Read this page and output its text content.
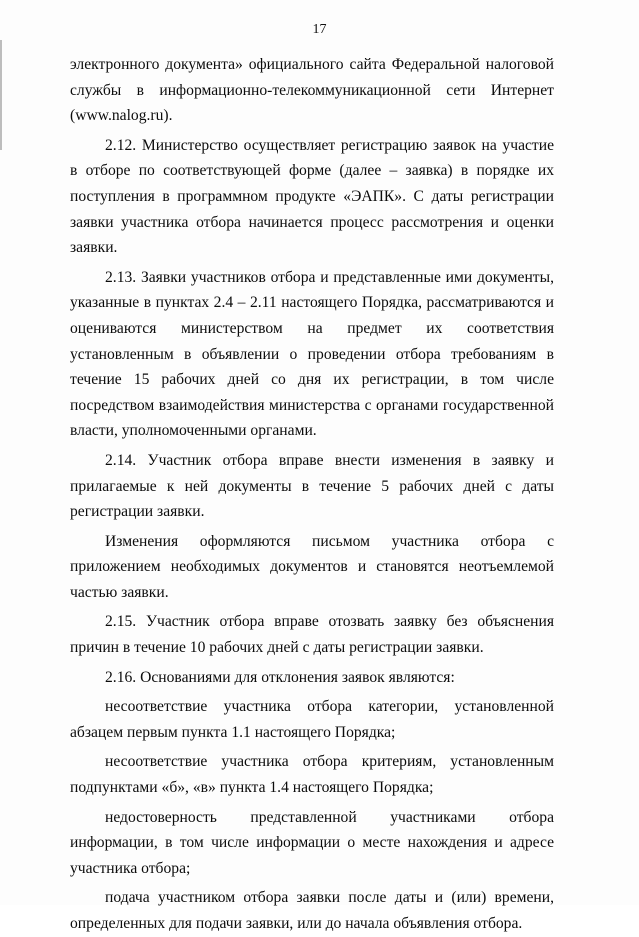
17

электронного документа» официального сайта Федеральной налоговой службы в информационно-телекоммуникационной сети Интернет (www.nalog.ru).

2.12. Министерство осуществляет регистрацию заявок на участие в отборе по соответствующей форме (далее – заявка) в порядке их поступления в программном продукте «ЭАПК». С даты регистрации заявки участника отбора начинается процесс рассмотрения и оценки заявки.

2.13. Заявки участников отбора и представленные ими документы, указанные в пунктах 2.4 – 2.11 настоящего Порядка, рассматриваются и оцениваются министерством на предмет их соответствия установленным в объявлении о проведении отбора требованиям в течение 15 рабочих дней со дня их регистрации, в том числе посредством взаимодействия министерства с органами государственной власти, уполномоченными органами.

2.14. Участник отбора вправе внести изменения в заявку и прилагаемые к ней документы в течение 5 рабочих дней с даты регистрации заявки.

Изменения оформляются письмом участника отбора с приложением необходимых документов и становятся неотъемлемой частью заявки.

2.15. Участник отбора вправе отозвать заявку без объяснения причин в течение 10 рабочих дней с даты регистрации заявки.

2.16. Основаниями для отклонения заявок являются:

несоответствие участника отбора категории, установленной абзацем первым пункта 1.1 настоящего Порядка;

несоответствие участника отбора критериям, установленным подпунктами «б», «в» пункта 1.4 настоящего Порядка;

недостоверность представленной участниками отбора информации, в том числе информации о месте нахождения и адресе участника отбора;

подача участником отбора заявки после даты и (или) времени, определенных для подачи заявки, или до начала объявления отбора.
